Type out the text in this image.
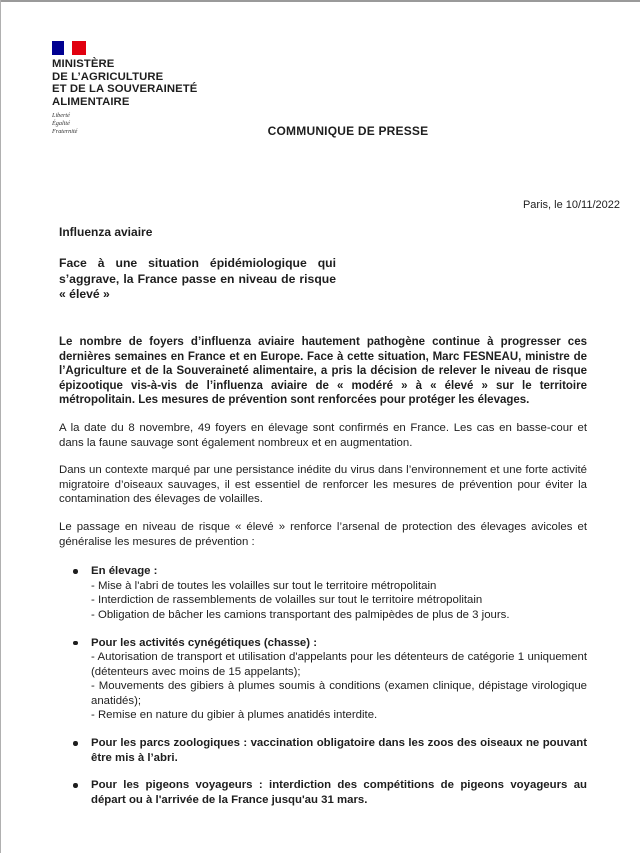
MINISTÈRE
DE L’AGRICULTURE
ET DE LA SOUVERAINETÉ
ALIMENTAIRE
Liberté
Égalité
Fraternité	COMMUNIQUE DE PRESSE
Paris, le 10/11/2022
Influenza aviaire
Face à une situation épidémiologique qui s’aggrave, la France passe en niveau de risque « élevé »

Le nombre de foyers d’influenza aviaire hautement pathogène continue à progresser ces dernières semaines en France et en Europe. Face à cette situation, Marc FESNEAU, ministre de l’Agriculture et de la Souveraineté alimentaire, a pris la décision de relever le niveau de risque épizootique vis-à-vis de l’influenza aviaire de « modéré » à « élevé » sur le territoire métropolitain. Les mesures de prévention sont renforcées pour protéger les élevages.

A la date du 8 novembre, 49 foyers en élevage sont confirmés en France. Les cas en basse-cour et dans la faune sauvage sont également nombreux et en augmentation.

Dans un contexte marqué par une persistance inédite du virus dans l’environnement et une forte activité migratoire d’oiseaux sauvages, il est essentiel de renforcer les mesures de prévention pour éviter la contamination des élevages de volailles.

Le passage en niveau de risque « élevé » renforce l’arsenal de protection des élevages avicoles et généralise les mesures de prévention :

En élevage :
- Mise à l'abri de toutes les volailles sur tout le territoire métropolitain
- Interdiction de rassemblements de volailles sur tout le territoire métropolitain
- Obligation de bâcher les camions transportant des palmipèdes de plus de 3 jours.
Pour les activités cynégétiques (chasse) :
- Autorisation de transport et utilisation d'appelants pour les détenteurs de catégorie 1 uniquement (détenteurs avec moins de 15 appelants);
- Mouvements des gibiers à plumes soumis à conditions (examen clinique, dépistage virologique anatidés);
- Remise en nature du gibier à plumes anatidés interdite.
Pour les parcs zoologiques : vaccination obligatoire dans les zoos des oiseaux ne pouvant être mis à l’abri.
Pour les pigeons voyageurs : interdiction des compétitions de pigeons voyageurs au départ ou à l'arrivée de la France jusqu'au 31 mars.
